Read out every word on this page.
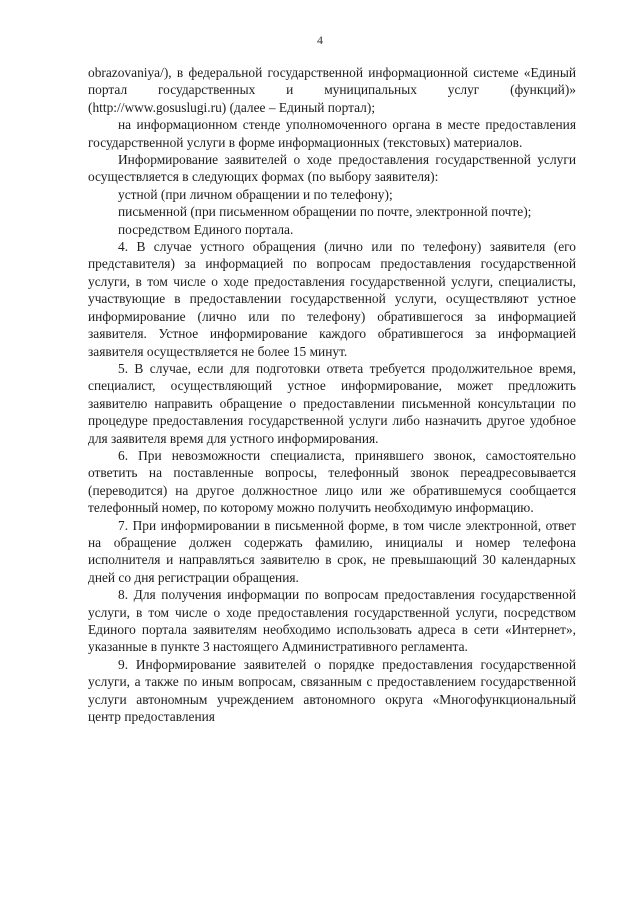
4

obrazovaniya/), в федеральной государственной информационной системе «Единый портал государственных и муниципальных услуг (функций)» (http://www.gosuslugi.ru) (далее – Единый портал);

на информационном стенде уполномоченного органа в месте предоставления государственной услуги в форме информационных (текстовых) материалов.

Информирование заявителей о ходе предоставления государственной услуги осуществляется в следующих формах (по выбору заявителя):

устной (при личном обращении и по телефону);

письменной (при письменном обращении по почте, электронной почте);

посредством Единого портала.

4. В случае устного обращения (лично или по телефону) заявителя (его представителя) за информацией по вопросам предоставления государственной услуги, в том числе о ходе предоставления государственной услуги, специалисты, участвующие в предоставлении государственной услуги, осуществляют устное информирование (лично или по телефону) обратившегося за информацией заявителя. Устное информирование каждого обратившегося за информацией заявителя осуществляется не более 15 минут.

5. В случае, если для подготовки ответа требуется продолжительное время, специалист, осуществляющий устное информирование, может предложить заявителю направить обращение о предоставлении письменной консультации по процедуре предоставления государственной услуги либо назначить другое удобное для заявителя время для устного информирования.

6. При невозможности специалиста, принявшего звонок, самостоятельно ответить на поставленные вопросы, телефонный звонок переадресовывается (переводится) на другое должностное лицо или же обратившемуся сообщается телефонный номер, по которому можно получить необходимую информацию.

7. При информировании в письменной форме, в том числе электронной, ответ на обращение должен содержать фамилию, инициалы и номер телефона исполнителя и направляться заявителю в срок, не превышающий 30 календарных дней со дня регистрации обращения.

8. Для получения информации по вопросам предоставления государственной услуги, в том числе о ходе предоставления государственной услуги, посредством Единого портала заявителям необходимо использовать адреса в сети «Интернет», указанные в пункте 3 настоящего Административного регламента.

9. Информирование заявителей о порядке предоставления государственной услуги, а также по иным вопросам, связанным с предоставлением государственной услуги автономным учреждением автономного округа «Многофункциональный центр предоставления
